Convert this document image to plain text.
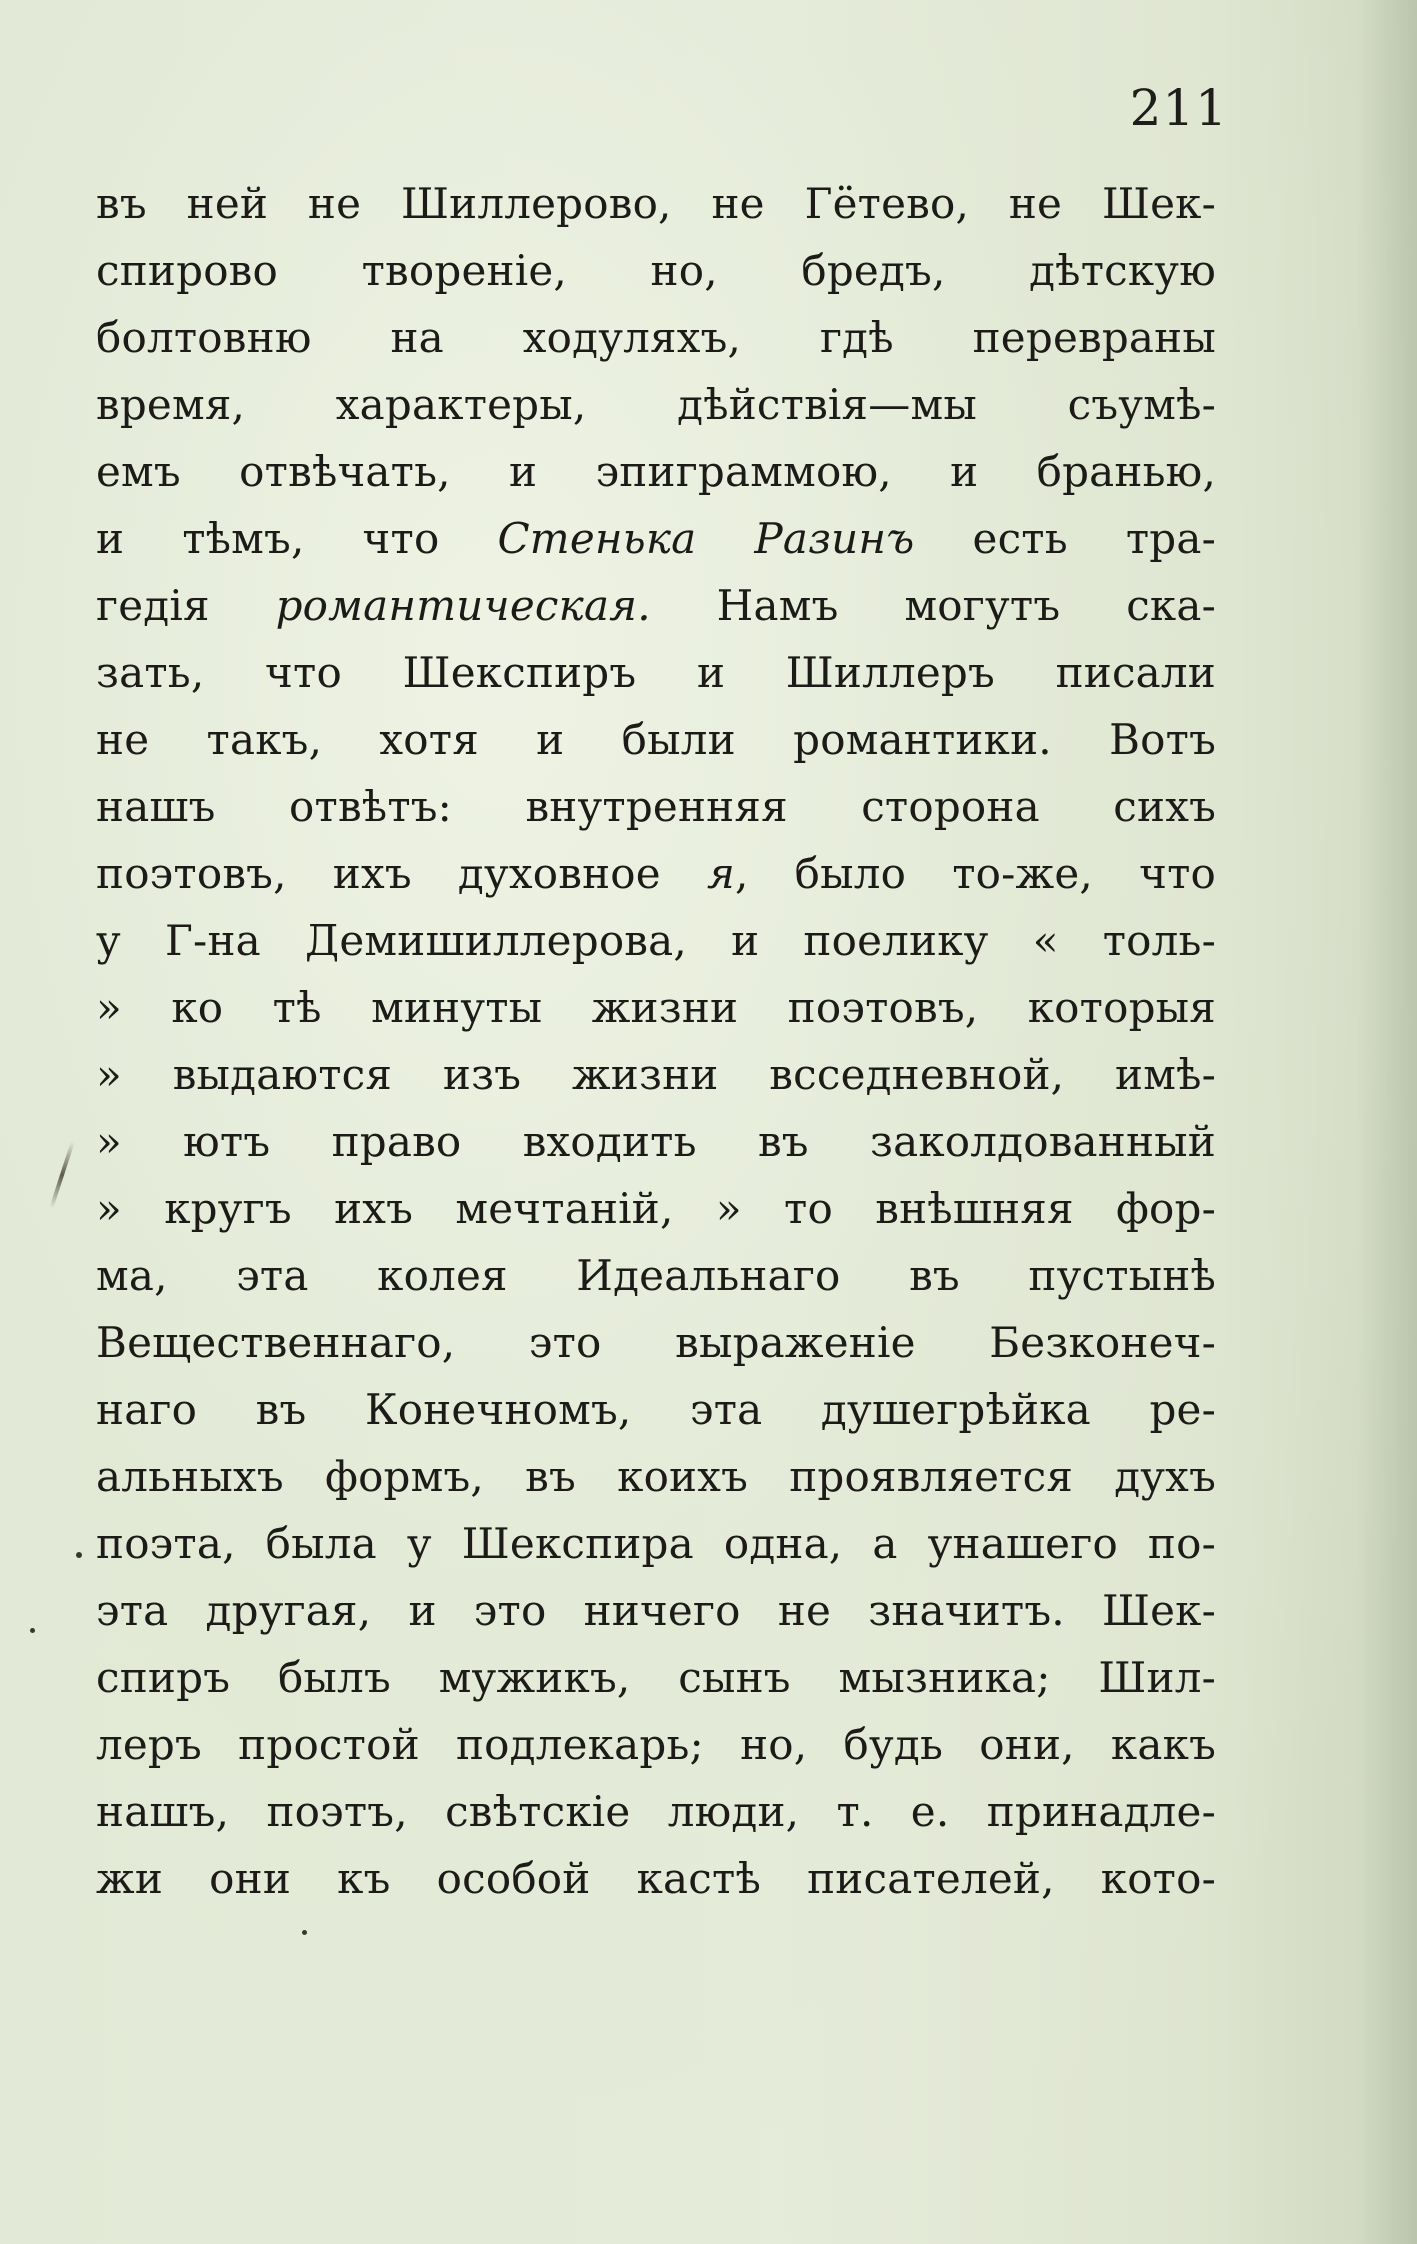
211
въ ней не Шиллерово, не Гётево, не Шек-
спирово твореніе, но, бредъ, дѣтскую
болтовню на ходуляхъ, гдѣ перевраны
время, характеры, дѣйствія—мы съумѣ-
емъ отвѣчать, и эпиграммою, и бранью,
и тѣмъ, что Стенька Разинъ есть тра-
гедія романтическая. Намъ могутъ ска-
зать, что Шекспиръ и Шиллеръ писали
не такъ, хотя и были романтики. Вотъ
нашъ отвѣтъ: внутренняя сторона сихъ
поэтовъ, ихъ духовное я, было то-же, что
у Г-на Демишиллерова, и поелику « толь-
» ко тѣ минуты жизни поэтовъ, которыя
» выдаются изъ жизни всседневной, имѣ-
» ютъ право входить въ заколдованный
» кругъ ихъ мечтаній, » то внѣшняя фор-
ма, эта колея Идеальнаго въ пустынѣ
Вещественнаго, это выраженіе Безконеч-
наго въ Конечномъ, эта душегрѣйка ре-
альныхъ формъ, въ коихъ проявляется духъ
поэта, была у Шекспира одна, а унашего по-
эта другая, и это ничего не значитъ. Шек-
спиръ былъ мужикъ, сынъ мызника; Шил-
леръ простой подлекарь; но, будь они, какъ
нашъ, поэтъ, свѣтскіе люди, т. е. принадле-
жи они къ особой кастѣ писателей, кото-
